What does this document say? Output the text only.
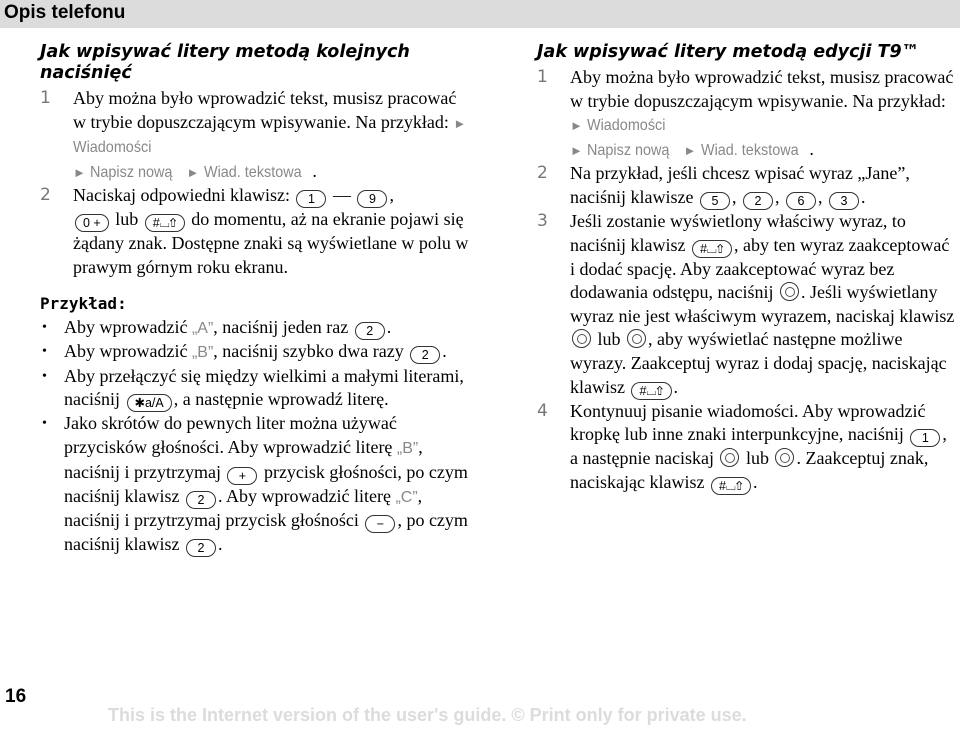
Opis telefonu
Jak wpisywać litery metodą kolejnych naciśnięć
1 Aby można było wprowadzić tekst, musisz pracować w trybie dopuszczającym wpisywanie. Na przykład: ► Wiadomości
► Napisz nową ► Wiad. tekstowa .
2 Naciskaj odpowiedni klawisz: 1 — 9 ,
0 + lub #⌴⇧ do momentu, aż na ekranie pojawi się żądany znak. Dostępne znaki są wyświetlane w polu w prawym górnym roku ekranu.
Przykład:
• Aby wprowadzić „A”, naciśnij jeden raz 2 .
• Aby wprowadzić „B”, naciśnij szybko dwa razy 2 .
• Aby przełączyć się między wielkimi a małymi literami, naciśnij ✱a/A , a następnie wprowadź literę.
• Jako skrótów do pewnych liter można używać przycisków głośności. Aby wprowadzić literę „B”, naciśnij i przytrzymaj + przycisk głośności, po czym naciśnij klawisz 2 . Aby wprowadzić literę „C”, naciśnij i przytrzymaj przycisk głośności − , po czym naciśnij klawisz 2 .
Jak wpisywać litery metodą edycji T9™
1 Aby można było wprowadzić tekst, musisz pracować w trybie dopuszczającym wpisywanie. Na przykład: ► Wiadomości
► Napisz nową ► Wiad. tekstowa .
2 Na przykład, jeśli chcesz wpisać wyraz „Jane”, naciśnij klawisze 5 , 2 , 6 , 3 .
3 Jeśli zostanie wyświetlony właściwy wyraz, to naciśnij klawisz #⌴⇧ , aby ten wyraz zaakceptować i dodać spację. Aby zaakceptować wyraz bez dodawania odstępu, naciśnij . Jeśli wyświetlany wyraz nie jest właściwym wyrazem, naciskaj klawisz  lub , aby wyświetlać następne możliwe wyrazy. Zaakceptuj wyraz i dodaj spację, naciskając klawisz #⌴⇧ .
4 Kontynuuj pisanie wiadomości. Aby wprowadzić kropkę lub inne znaki interpunkcyjne, naciśnij 1 , a następnie naciskaj lub . Zaakceptuj znak, naciskając klawisz #⌴⇧ .
16
This is the Internet version of the user's guide. © Print only for private use.
